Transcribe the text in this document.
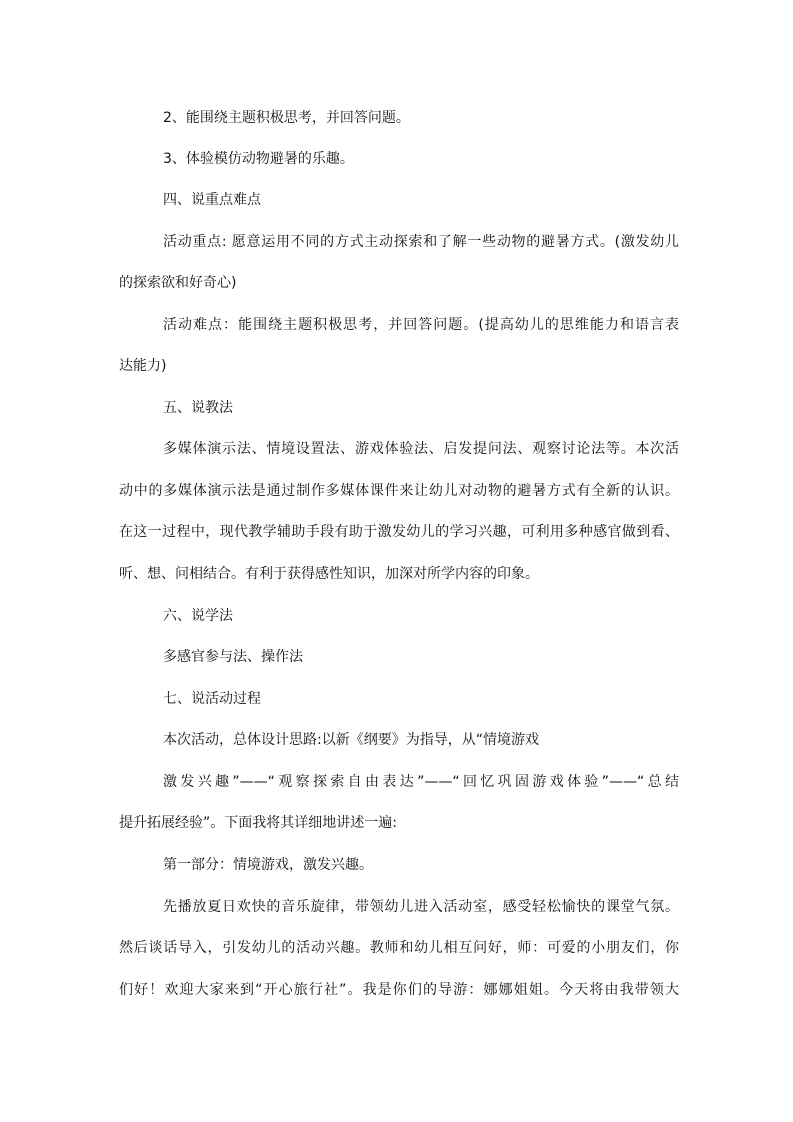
2、能围绕主题积极思考，并回答问题。
3、体验模仿动物避暑的乐趣。
四、说重点难点
活动重点: 愿意运用不同的方式主动探索和了解一些动物的避暑方式。(激发幼儿
的探索欲和好奇心)
活动难点：能围绕主题积极思考，并回答问题。(提高幼儿的思维能力和语言表
达能力)
五、说教法
多媒体演示法、情境设置法、游戏体验法、启发提问法、观察讨论法等。本次活
动中的多媒体演示法是通过制作多媒体课件来让幼儿对动物的避暑方式有全新的认识。
在这一过程中，现代教学辅助手段有助于激发幼儿的学习兴趣，可利用多种感官做到看、
听、想、问相结合。有利于获得感性知识，加深对所学内容的印象。
六、说学法
多感官参与法、操作法
七、说活动过程
本次活动，总体设计思路:以新《纲要》为指导，从“情境游戏
激发兴趣”——“观察探索自由表达”——“回忆巩固游戏体验”——“总结
提升拓展经验”。下面我将其详细地讲述一遍:
第一部分：情境游戏，激发兴趣。
先播放夏日欢快的音乐旋律，带领幼儿进入活动室，感受轻松愉快的课堂气氛。
然后谈话导入，引发幼儿的活动兴趣。教师和幼儿相互问好，师：可爱的小朋友们，你
们好！欢迎大家来到“开心旅行社”。我是你们的导游：娜娜姐姐。今天将由我带领大
